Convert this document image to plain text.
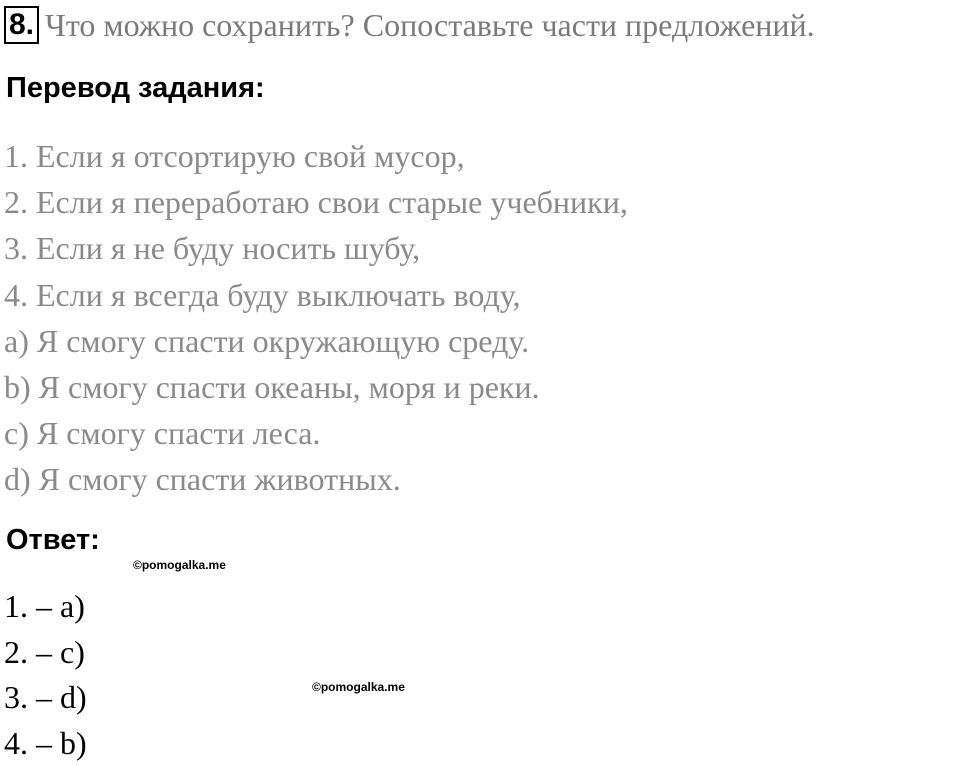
8. Что можно сохранить? Сопоставьте части предложений.
Перевод задания:
1. Если я отсортирую свой мусор,
2. Если я переработаю свои старые учебники,
3. Если я не буду носить шубу,
4. Если я всегда буду выключать воду,
a) Я смогу спасти окружающую среду.
b) Я смогу спасти океаны, моря и реки.
c) Я смогу спасти леса.
d) Я смогу спасти животных.
Ответ:
©pomogalka.me
1. – a)
2. – c)
3. – d)
4. – b)
©pomogalka.me
